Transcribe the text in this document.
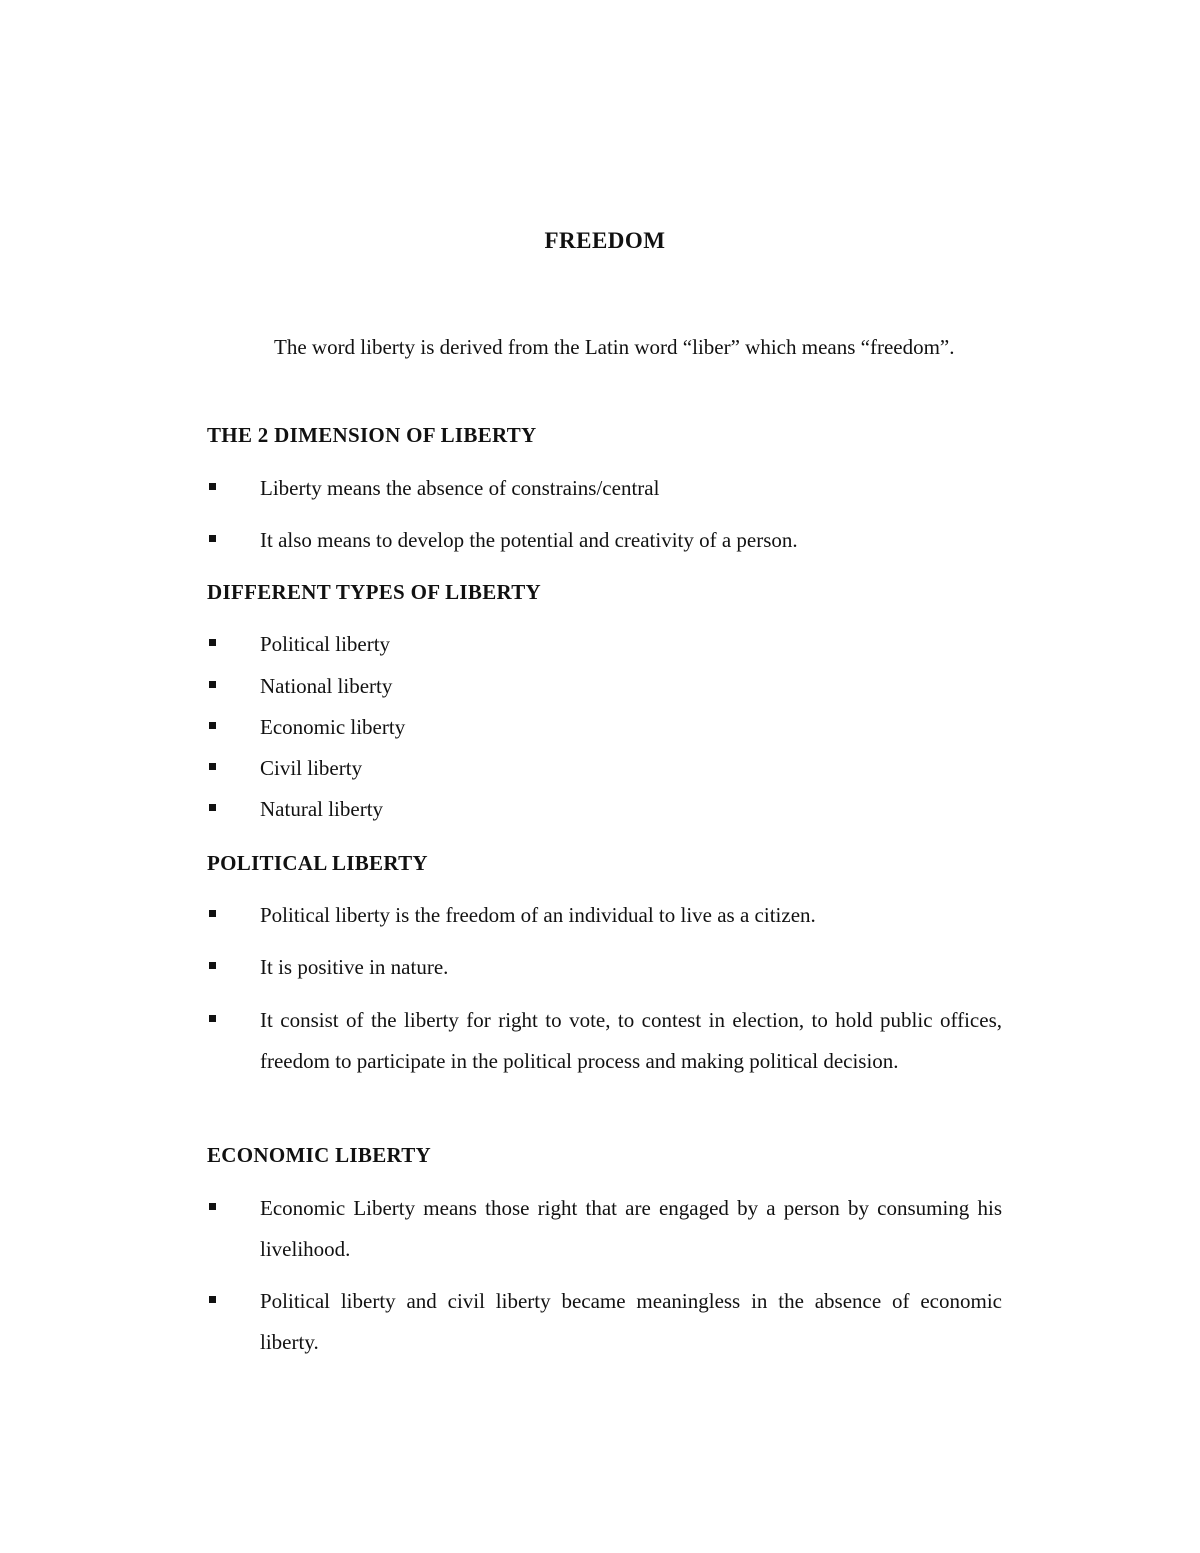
FREEDOM
The word liberty is derived from the Latin word “liber” which means “freedom”.
THE 2 DIMENSION OF LIBERTY
Liberty means the absence of constrains/central
It also means to develop the potential and creativity of a person.
DIFFERENT TYPES OF LIBERTY
Political liberty
National liberty
Economic liberty
Civil liberty
Natural liberty
POLITICAL LIBERTY
Political liberty is the freedom of an individual to live as a citizen.
It is positive in nature.
It consist of the liberty for right to vote, to contest in election, to hold public offices, freedom to participate in the political process and making political decision.
ECONOMIC LIBERTY
Economic Liberty means those right that are engaged by a person by consuming his livelihood.
Political liberty and civil liberty became meaningless in the absence of economic liberty.
